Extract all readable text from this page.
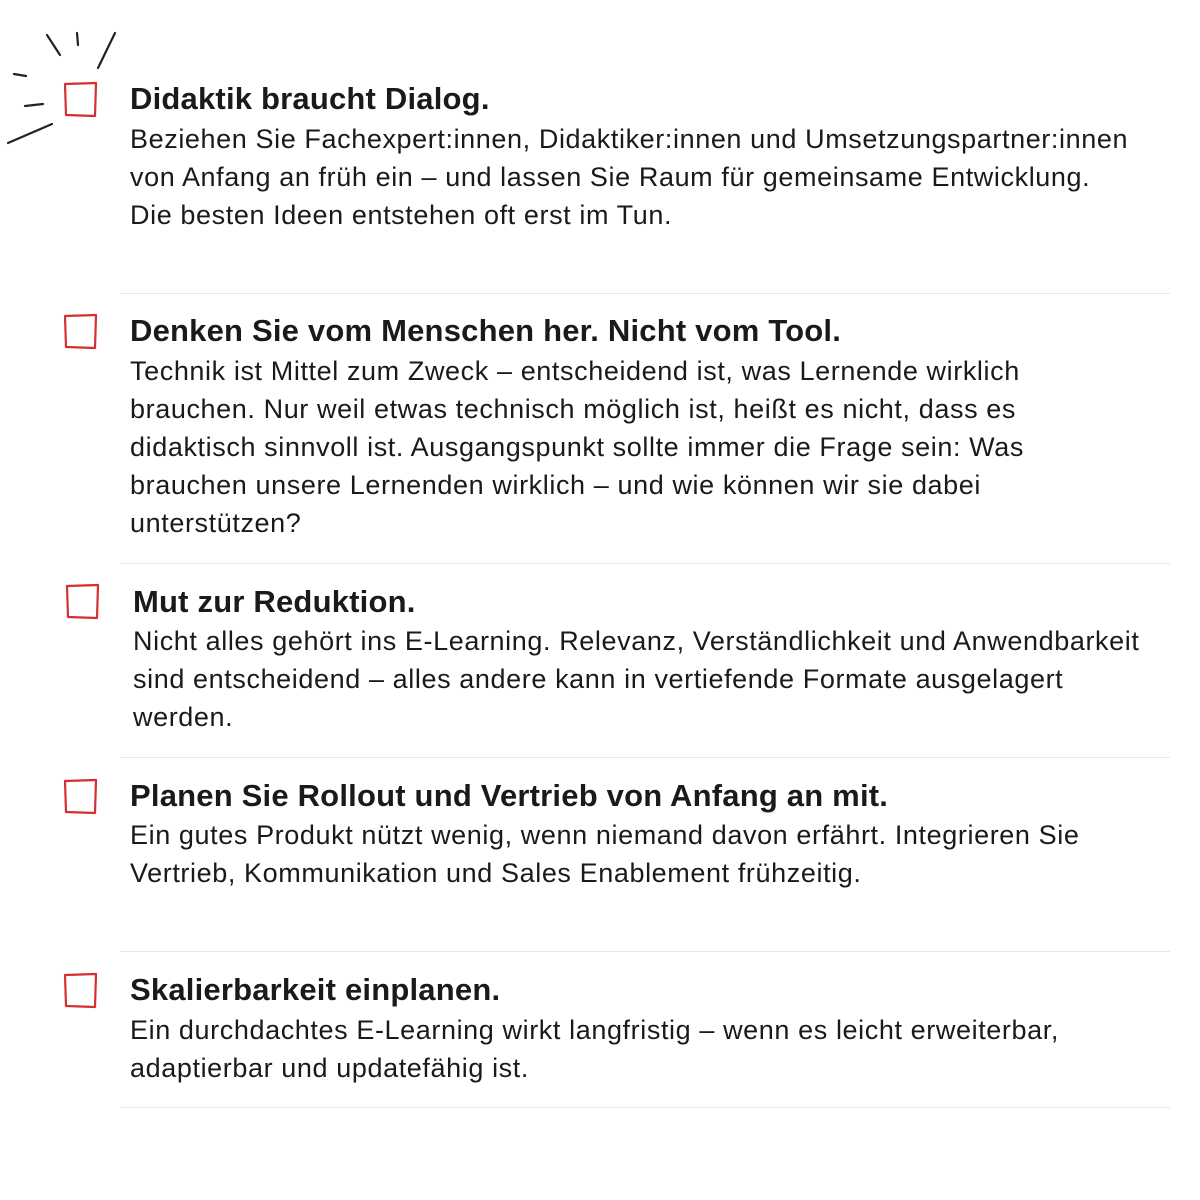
Didaktik braucht Dialog.

Beziehen Sie Fachexpert:innen, Didaktiker:innen und Umsetzungspartner:innen von Anfang an früh ein – und lassen Sie Raum für gemeinsame Entwicklung. Die besten Ideen entstehen oft erst im Tun.

Denken Sie vom Menschen her. Nicht vom Tool.

Technik ist Mittel zum Zweck – entscheidend ist, was Lernende wirklich brauchen. Nur weil etwas technisch möglich ist, heißt es nicht, dass es didaktisch sinnvoll ist. Ausgangspunkt sollte immer die Frage sein: Was brauchen unsere Lernenden wirklich – und wie können wir sie dabei unterstützen?

Mut zur Reduktion.

Nicht alles gehört ins E-Learning. Relevanz, Verständlichkeit und Anwendbarkeit sind entscheidend – alles andere kann in vertiefende Formate ausgelagert werden.

Planen Sie Rollout und Vertrieb von Anfang an mit.

Ein gutes Produkt nützt wenig, wenn niemand davon erfährt. Integrieren Sie Vertrieb, Kommunikation und Sales Enablement frühzeitig.

Skalierbarkeit einplanen.

Ein durchdachtes E-Learning wirkt langfristig – wenn es leicht erweiterbar, adaptierbar und updatefähig ist.
